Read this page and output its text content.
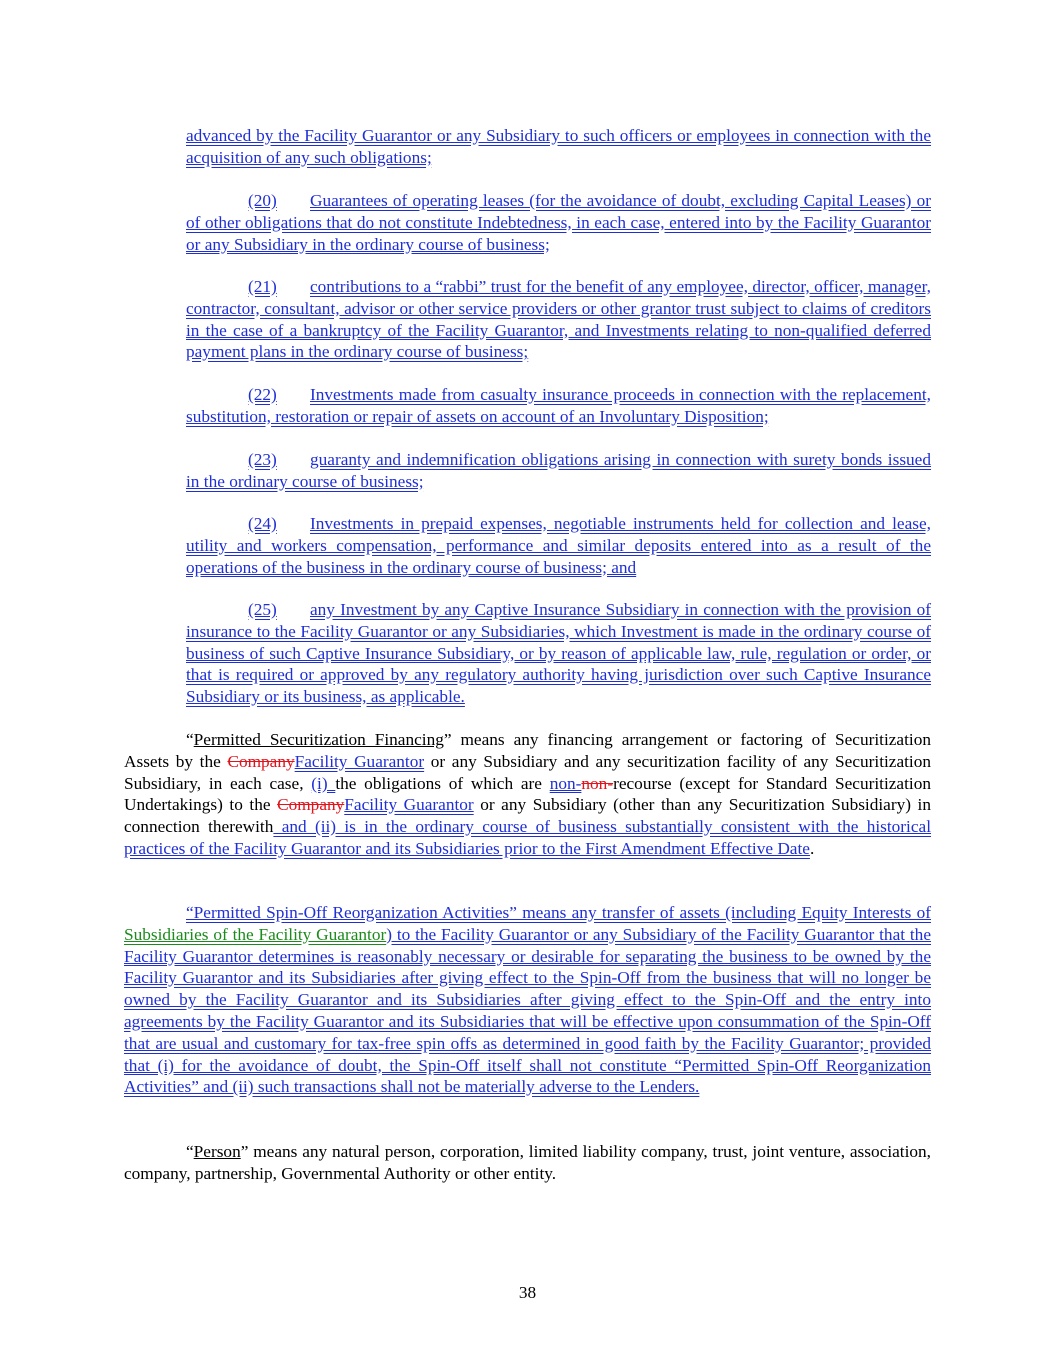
advanced by the Facility Guarantor or any Subsidiary to such officers or employees in connection with the acquisition of any such obligations;

(20) Guarantees of operating leases (for the avoidance of doubt, excluding Capital Leases) or of other obligations that do not constitute Indebtedness, in each case, entered into by the Facility Guarantor or any Subsidiary in the ordinary course of business;

(21) contributions to a “rabbi” trust for the benefit of any employee, director, officer, manager, contractor, consultant, advisor or other service providers or other grantor trust subject to claims of creditors in the case of a bankruptcy of the Facility Guarantor, and Investments relating to non-qualified deferred payment plans in the ordinary course of business;

(22) Investments made from casualty insurance proceeds in connection with the replacement, substitution, restoration or repair of assets on account of an Involuntary Disposition;

(23) guaranty and indemnification obligations arising in connection with surety bonds issued in the ordinary course of business;

(24) Investments in prepaid expenses, negotiable instruments held for collection and lease, utility and workers compensation, performance and similar deposits entered into as a result of the operations of the business in the ordinary course of business; and

(25) any Investment by any Captive Insurance Subsidiary in connection with the provision of insurance to the Facility Guarantor or any Subsidiaries, which Investment is made in the ordinary course of business of such Captive Insurance Subsidiary, or by reason of applicable law, rule, regulation or order, or that is required or approved by any regulatory authority having jurisdiction over such Captive Insurance Subsidiary or its business, as applicable.

“Permitted Securitization Financing” means any financing arrangement or factoring of Securitization Assets by the CompanyFacility Guarantor or any Subsidiary and any securitization facility of any Securitization Subsidiary, in each case, (i) the obligations of which are non-non-recourse (except for Standard Securitization Undertakings) to the CompanyFacility Guarantor or any Subsidiary (other than any Securitization Subsidiary) in connection therewith and (ii) is in the ordinary course of business substantially consistent with the historical practices of the Facility Guarantor and its Subsidiaries prior to the First Amendment Effective Date.

“Permitted Spin-Off Reorganization Activities” means any transfer of assets (including Equity Interests of Subsidiaries of the Facility Guarantor) to the Facility Guarantor or any Subsidiary of the Facility Guarantor that the Facility Guarantor determines is reasonably necessary or desirable for separating the business to be owned by the Facility Guarantor and its Subsidiaries after giving effect to the Spin-Off from the business that will no longer be owned by the Facility Guarantor and its Subsidiaries after giving effect to the Spin-Off and the entry into agreements by the Facility Guarantor and its Subsidiaries that will be effective upon consummation of the Spin-Off that are usual and customary for tax-free spin offs as determined in good faith by the Facility Guarantor; provided that (i) for the avoidance of doubt, the Spin-Off itself shall not constitute “Permitted Spin-Off Reorganization Activities” and (ii) such transactions shall not be materially adverse to the Lenders.

“Person” means any natural person, corporation, limited liability company, trust, joint venture, association, company, partnership, Governmental Authority or other entity.

38
